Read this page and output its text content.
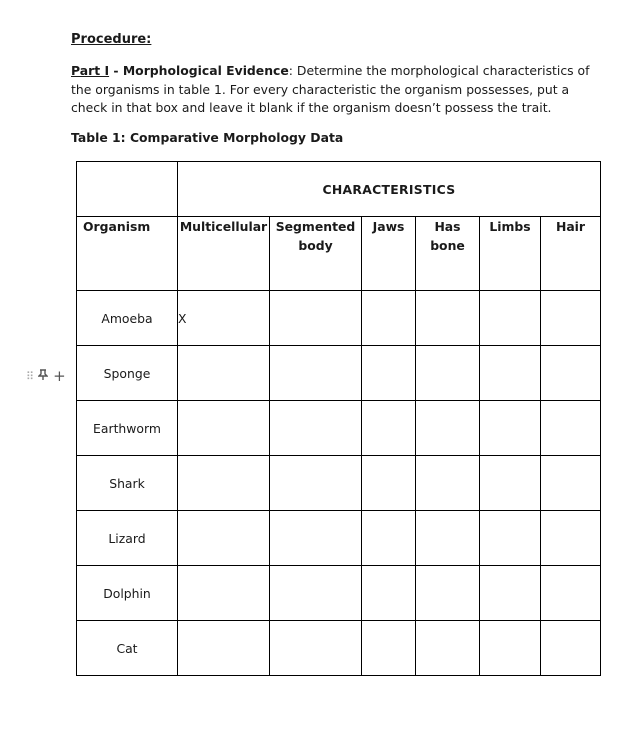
Procedure:

Part I - Morphological Evidence: Determine the morphological characteristics of the organisms in table 1. For every characteristic the organism possesses, put a check in that box and leave it blank if the organism doesn’t possess the trait.

Table 1: Comparative Morphology Data

⠿ +
	CHARACTERISTICS					
Organism	Multicellular	Segmented body	Jaws	Has bone	Limbs	Hair
Amoeba	X					
Sponge						
Earthworm						
Shark						
Lizard						
Dolphin						
Cat						
